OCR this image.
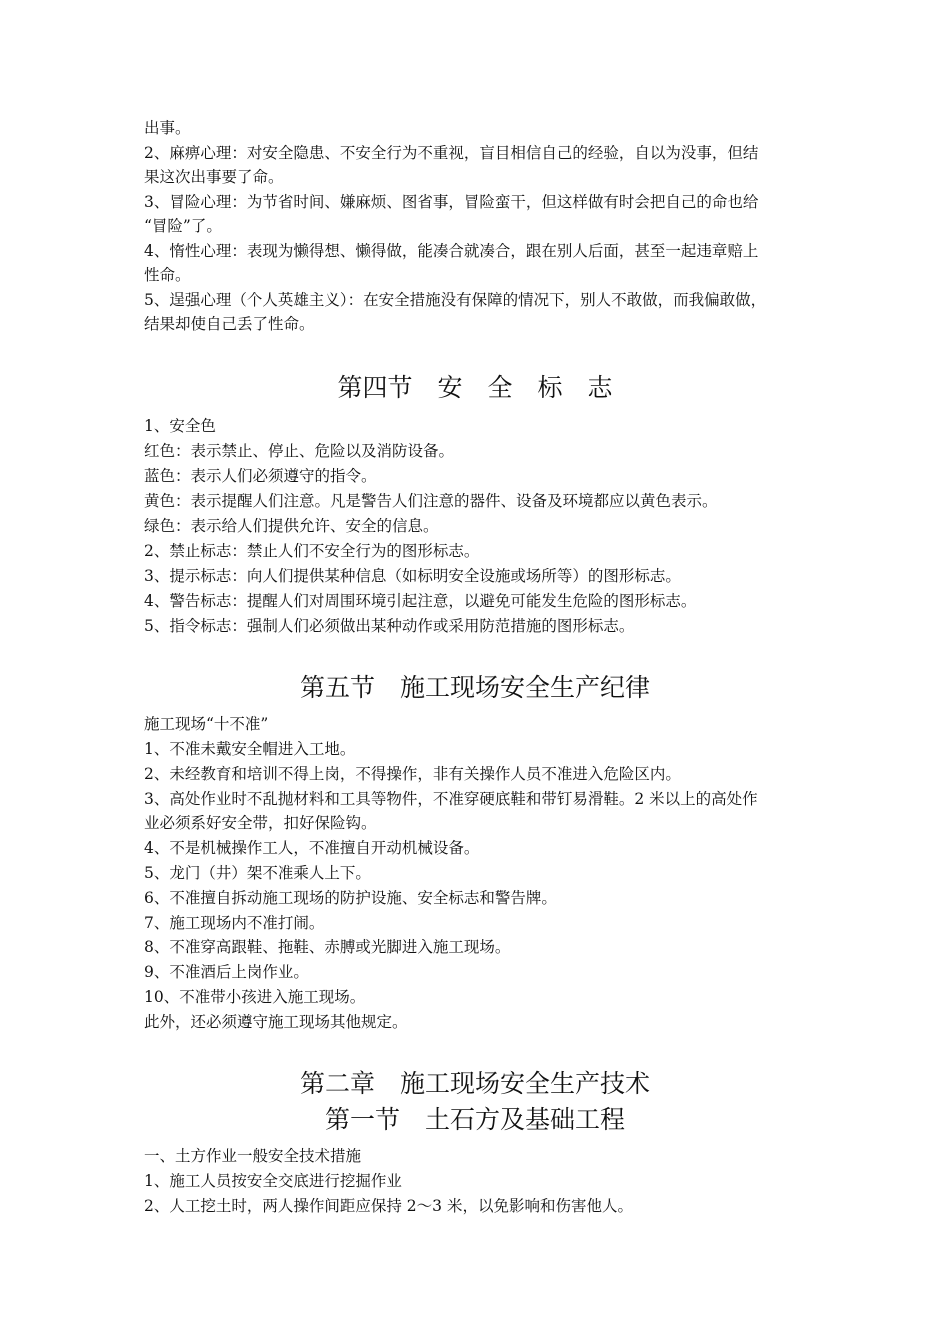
出事。
2、麻痹心理：对安全隐患、不安全行为不重视，盲目相信自己的经验，自以为没事，但结
果这次出事要了命。
3、冒险心理：为节省时间、嫌麻烦、图省事，冒险蛮干，但这样做有时会把自己的命也给
“冒险”了。
4、惰性心理：表现为懒得想、懒得做，能凑合就凑合，跟在别人后面，甚至一起违章赔上
性命。
5、逞强心理（个人英雄主义）：在安全措施没有保障的情况下，别人不敢做，而我偏敢做，
结果却使自己丢了性命。
第四节　安　全　标　志
1、安全色
红色：表示禁止、停止、危险以及消防设备。
蓝色：表示人们必须遵守的指令。
黄色：表示提醒人们注意。凡是警告人们注意的器件、设备及环境都应以黄色表示。
绿色：表示给人们提供允许、安全的信息。
2、禁止标志：禁止人们不安全行为的图形标志。
3、提示标志：向人们提供某种信息（如标明安全设施或场所等）的图形标志。
4、警告标志：提醒人们对周围环境引起注意，以避免可能发生危险的图形标志。
5、指令标志：强制人们必须做出某种动作或采用防范措施的图形标志。
第五节　施工现场安全生产纪律
施工现场“十不准”
1、不准未戴安全帽进入工地。
2、未经教育和培训不得上岗，不得操作，非有关操作人员不准进入危险区内。
3、高处作业时不乱抛材料和工具等物件，不准穿硬底鞋和带钉易滑鞋。2 米以上的高处作
业必须系好安全带，扣好保险钩。
4、不是机械操作工人，不准擅自开动机械设备。
5、龙门（井）架不准乘人上下。
6、不准擅自拆动施工现场的防护设施、安全标志和警告牌。
7、施工现场内不准打闹。
8、不准穿高跟鞋、拖鞋、赤膊或光脚进入施工现场。
9、不准酒后上岗作业。
10、不准带小孩进入施工现场。
此外，还必须遵守施工现场其他规定。
第二章　施工现场安全生产技术
第一节　土石方及基础工程
一、土方作业一般安全技术措施
1、施工人员按安全交底进行挖掘作业
2、人工挖土时，两人操作间距应保持 2～3 米，以免影响和伤害他人。
